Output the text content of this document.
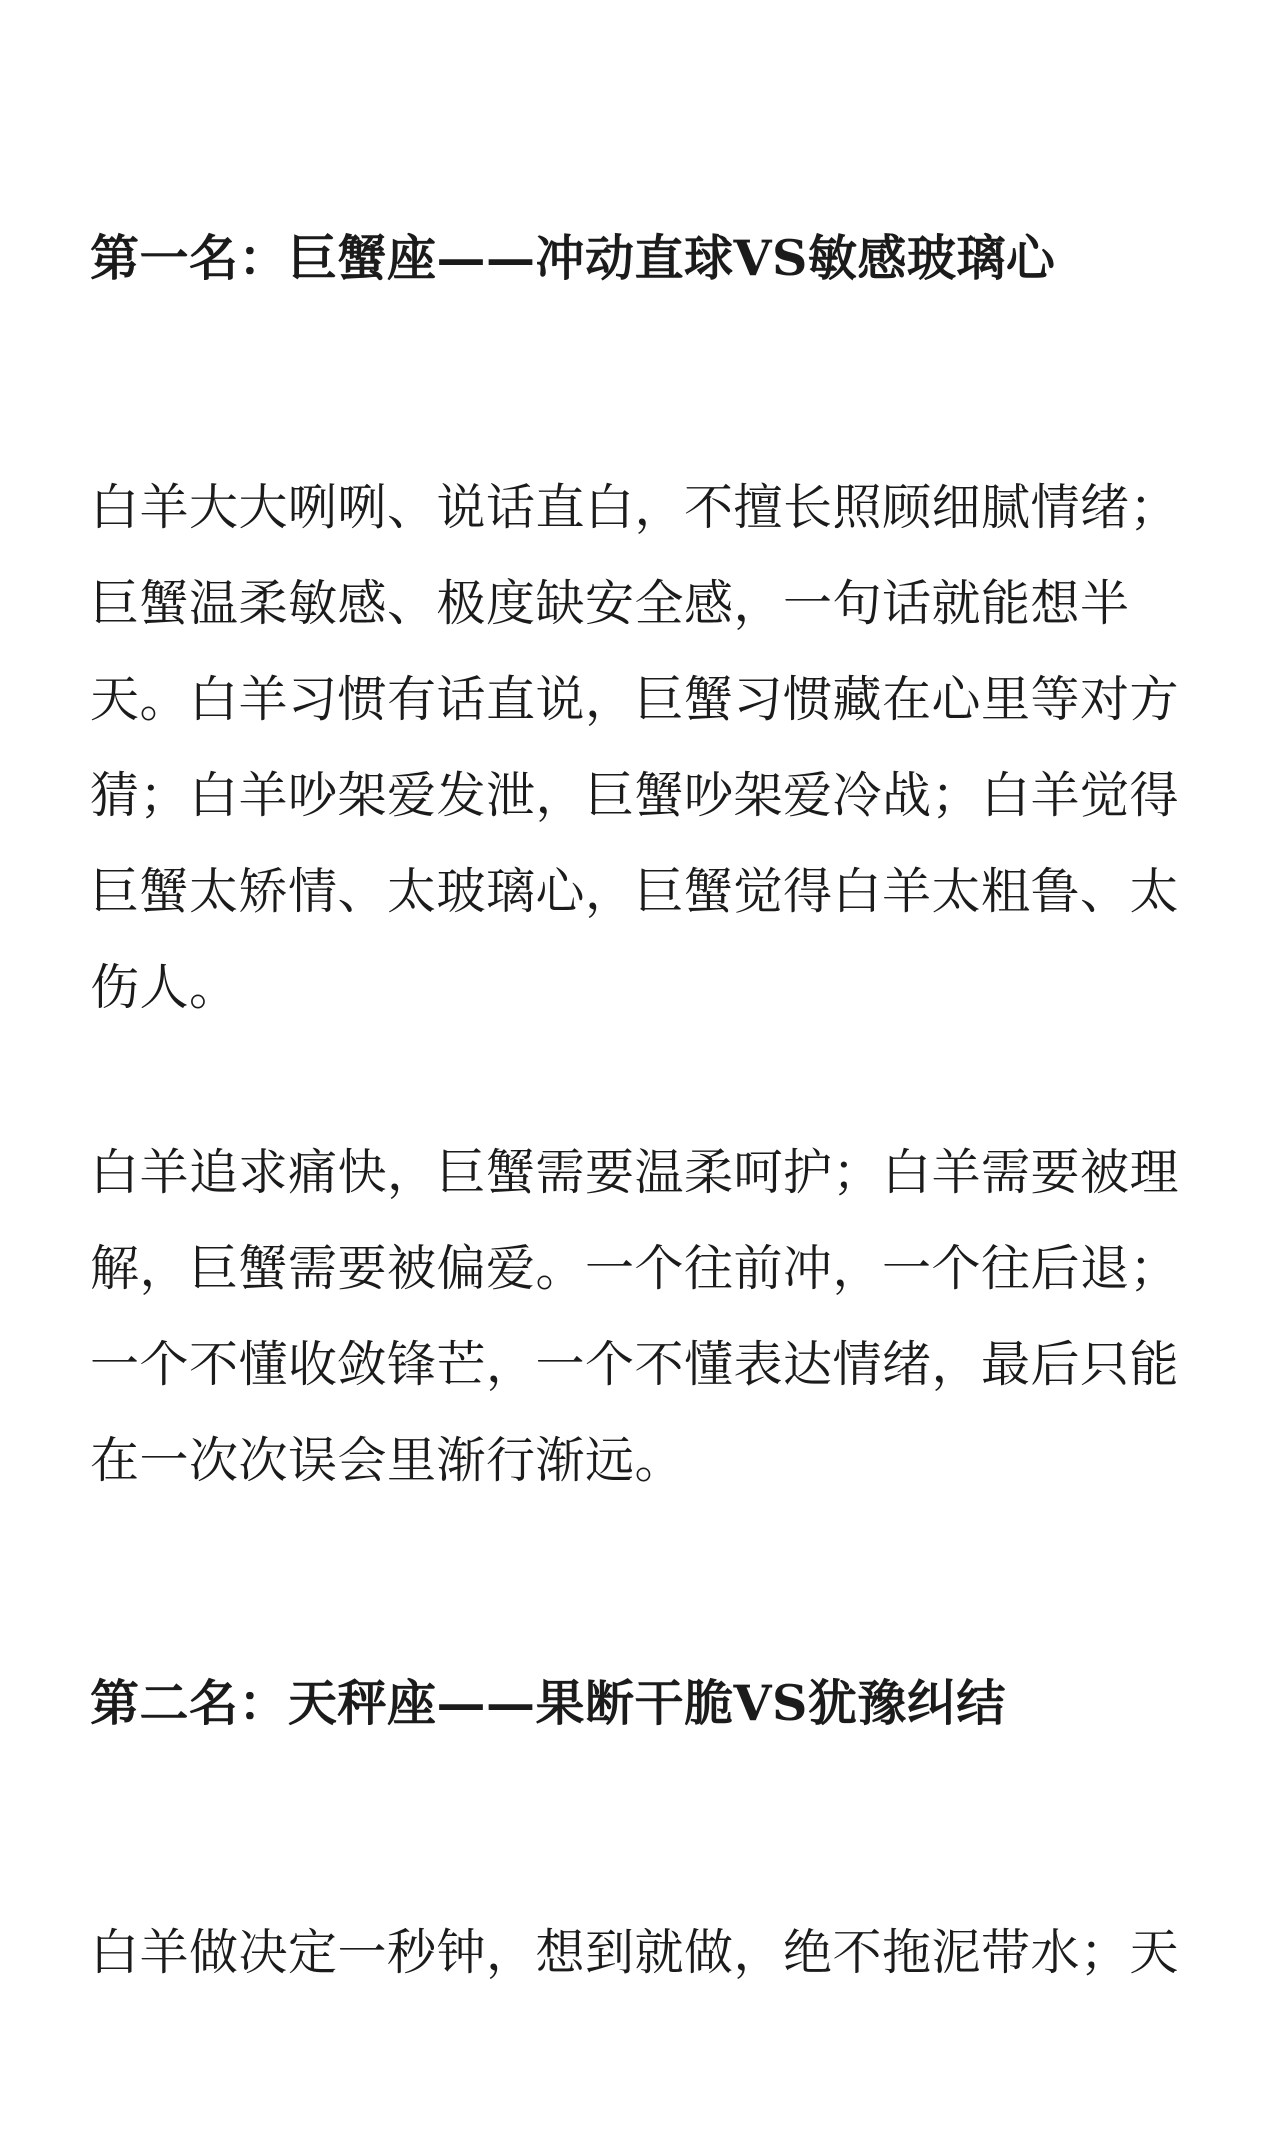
第一名：巨蟹座——冲动直球VS敏感玻璃心

白羊大大咧咧、说话直白，不擅长照顾细腻情绪；
巨蟹温柔敏感、极度缺安全感，一句话就能想半
天。白羊习惯有话直说，巨蟹习惯藏在心里等对方
猜；白羊吵架爱发泄，巨蟹吵架爱冷战；白羊觉得
巨蟹太矫情、太玻璃心，巨蟹觉得白羊太粗鲁、太
伤人。

白羊追求痛快，巨蟹需要温柔呵护；白羊需要被理
解，巨蟹需要被偏爱。一个往前冲，一个往后退；
一个不懂收敛锋芒，一个不懂表达情绪，最后只能
在一次次误会里渐行渐远。

第二名：天秤座——果断干脆VS犹豫纠结

白羊做决定一秒钟，想到就做，绝不拖泥带水；天
